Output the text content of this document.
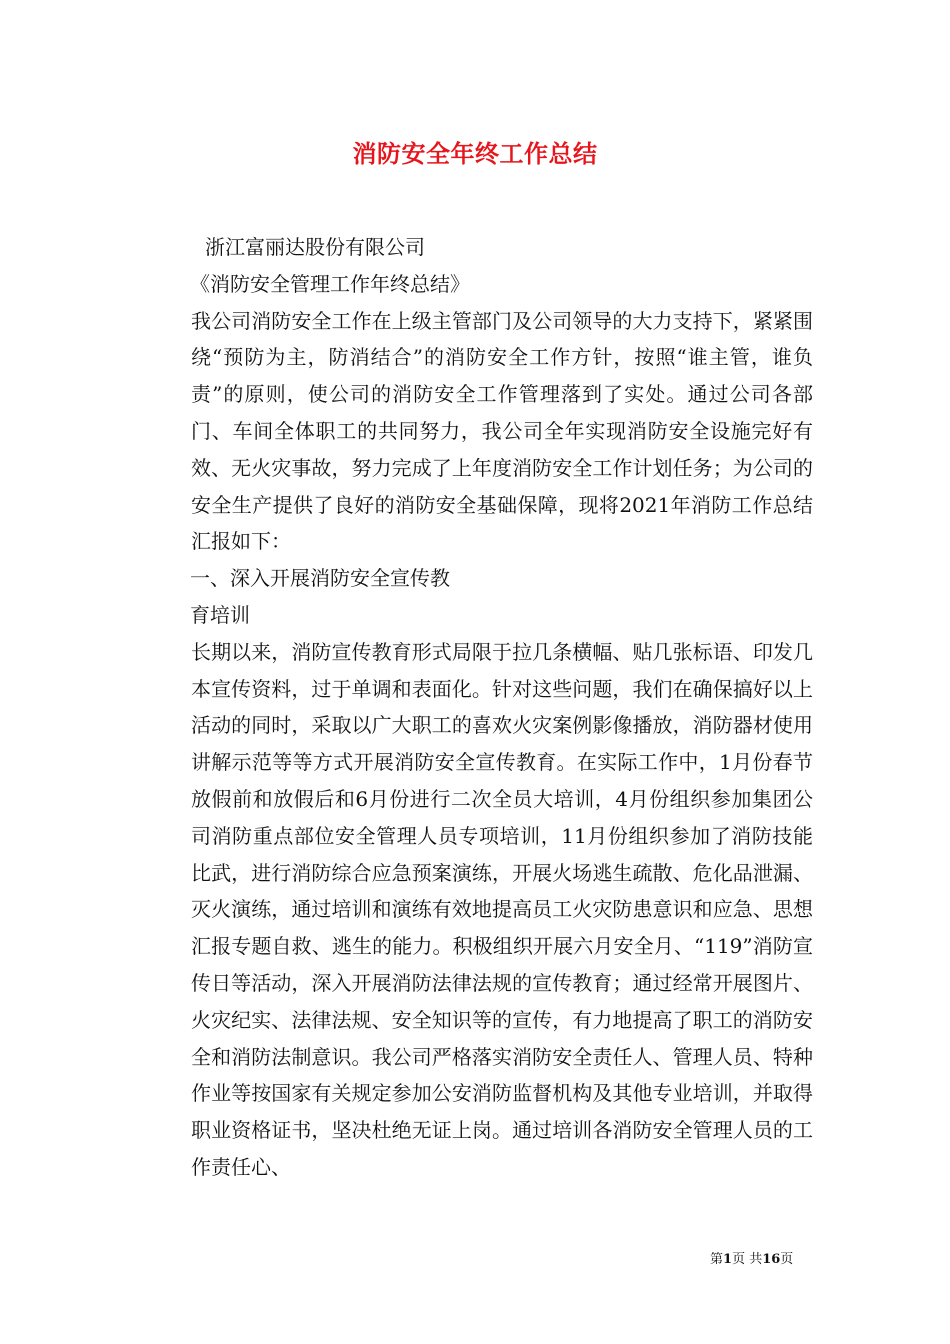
消防安全年终工作总结

浙江富丽达股份有限公司

《消防安全管理工作年终总结》

我公司消防安全工作在上级主管部门及公司领导的大力支持下，紧紧围绕“预防为主，防消结合”的消防安全工作方针，按照“谁主管，谁负责”的原则，使公司的消防安全工作管理落到了实处。通过公司各部门、车间全体职工的共同努力，我公司全年实现消防安全设施完好有效、无火灾事故，努力完成了上年度消防安全工作计划任务；为公司的安全生产提供了良好的消防安全基础保障，现将2021年消防工作总结汇报如下：

一、深入开展消防安全宣传教

育培训

长期以来，消防宣传教育形式局限于拉几条横幅、贴几张标语、印发几本宣传资料，过于单调和表面化。针对这些问题，我们在确保搞好以上活动的同时，采取以广大职工的喜欢火灾案例影像播放，消防器材使用讲解示范等等方式开展消防安全宣传教育。在实际工作中，1月份春节放假前和放假后和6月份进行二次全员大培训，4月份组织参加集团公司消防重点部位安全管理人员专项培训，11月份组织参加了消防技能比武，进行消防综合应急预案演练，开展火场逃生疏散、危化品泄漏、灭火演练，通过培训和演练有效地提高员工火灾防患意识和应急、思想汇报专题自救、逃生的能力。积极组织开展六月安全月、“119”消防宣传日等活动，深入开展消防法律法规的宣传教育；通过经常开展图片、火灾纪实、法律法规、安全知识等的宣传，有力地提高了职工的消防安全和消防法制意识。我公司严格落实消防安全责任人、管理人员、特种作业等按国家有关规定参加公安消防监督机构及其他专业培训，并取得职业资格证书，坚决杜绝无证上岗。通过培训各消防安全管理人员的工作责任心、

第1页 共16页
